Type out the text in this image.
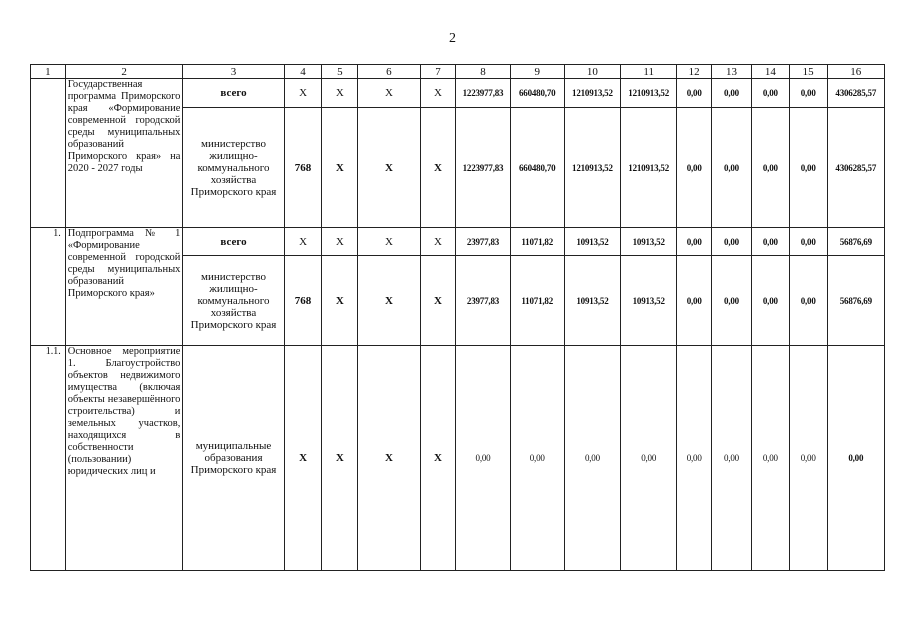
2
1	2	3	4	5	6	7	8	9	10	11	12	13	14	15	16
	Государственная программа Приморского края «Формирование современной городской среды муниципальных образований Приморского края» на 2020 - 2027 годы	всего	X	X	X	X	1223977,83	660480,70	1210913,52	1210913,52	0,00	0,00	0,00	0,00	4306285,57
		министерство жилищно-коммунального хозяйства Приморского края	768	X	X	X	1223977,83	660480,70	1210913,52	1210913,52	0,00	0,00	0,00	0,00	4306285,57
1.	Подпрограмма № 1 «Формирование современной городской среды муниципальных образований Приморского края»	всего	X	X	X	X	23977,83	11071,82	10913,52	10913,52	0,00	0,00	0,00	0,00	56876,69
		министерство жилищно-коммунального хозяйства Приморского края	768	X	X	X	23977,83	11071,82	10913,52	10913,52	0,00	0,00	0,00	0,00	56876,69
1.1.	Основное мероприятие 1. Благоустройство объектов недвижимого имущества (включая объекты незавершённого строительства) и земельных участков, находящихся в собственности (пользовании) юридических лиц и	муниципальные образования Приморского края	X	X	X	X	0,00	0,00	0,00	0,00	0,00	0,00	0,00	0,00	0,00
